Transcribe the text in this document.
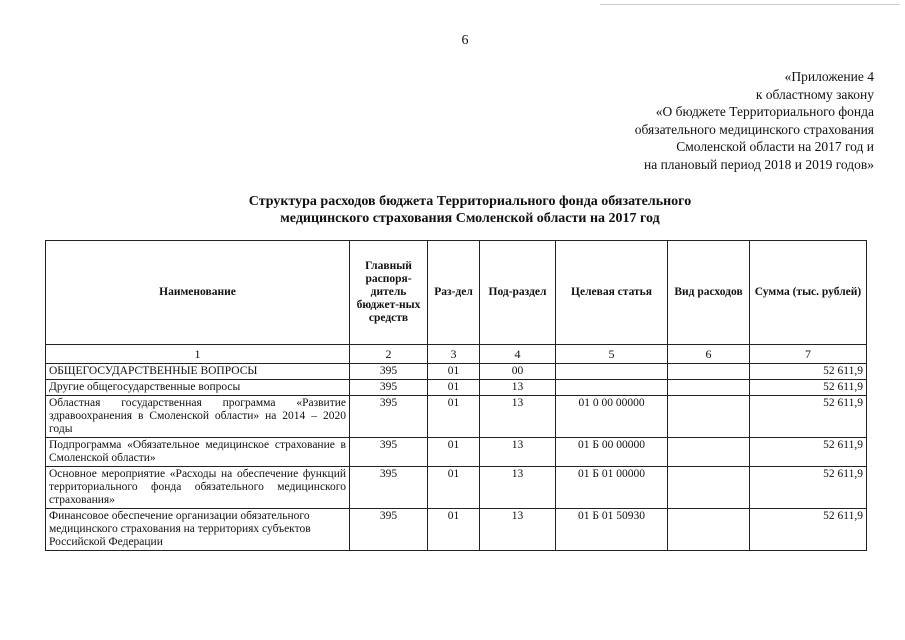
6
«Приложение 4
к областному закону
«О бюджете Территориального фонда
обязательного медицинского страхования
Смоленской области на 2017 год и
на плановый период 2018 и 2019 годов»
Структура расходов бюджета Территориального фонда обязательного
медицинского страхования Смоленской области на 2017 год
Наименование	Главный распоря-дитель бюджет-ных средств	Раз-дел	Под-раздел	Целевая статья	Вид расходов	Сумма (тыс. рублей)
1	2	3	4	5	6	7
ОБЩЕГОСУДАРСТВЕННЫЕ ВОПРОСЫ	395	01	00			52 611,9
Другие общегосударственные вопросы	395	01	13			52 611,9
Областная государственная программа «Развитие здравоохранения в Смоленской области» на 2014 – 2020 годы	395	01	13	01 0 00 00000		52 611,9
Подпрограмма «Обязательное медицинское страхование в Смоленской области»	395	01	13	01 Б 00 00000		52 611,9
Основное мероприятие «Расходы на обеспечение функций территориального фонда обязательного медицинского страхования»	395	01	13	01 Б 01 00000		52 611,9
Финансовое обеспечение организации обязательного медицинского страхования на территориях субъектов Российской Федерации	395	01	13	01 Б 01 50930		52 611,9
